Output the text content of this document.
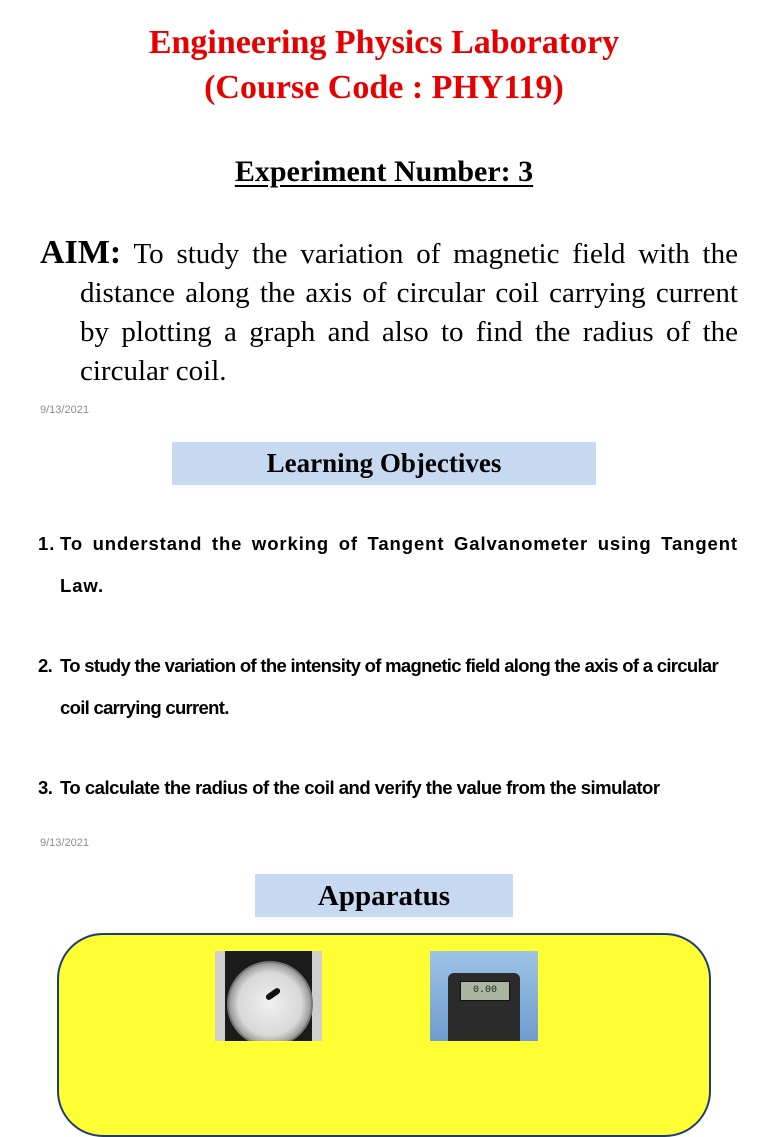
Engineering Physics Laboratory
(Course Code : PHY119)
Experiment Number: 3
AIM: To study the variation of magnetic field with the distance along the axis of circular coil carrying current by plotting a graph and also to find the radius of the circular coil.
9/13/2021
Learning Objectives
1. To understand the working of Tangent Galvanometer using Tangent Law.
2. To study the variation of the intensity of magnetic field along the axis of a circular coil carrying current.
3. To calculate the radius of the coil and verify the value from the simulator
9/13/2021
Apparatus
0.00
